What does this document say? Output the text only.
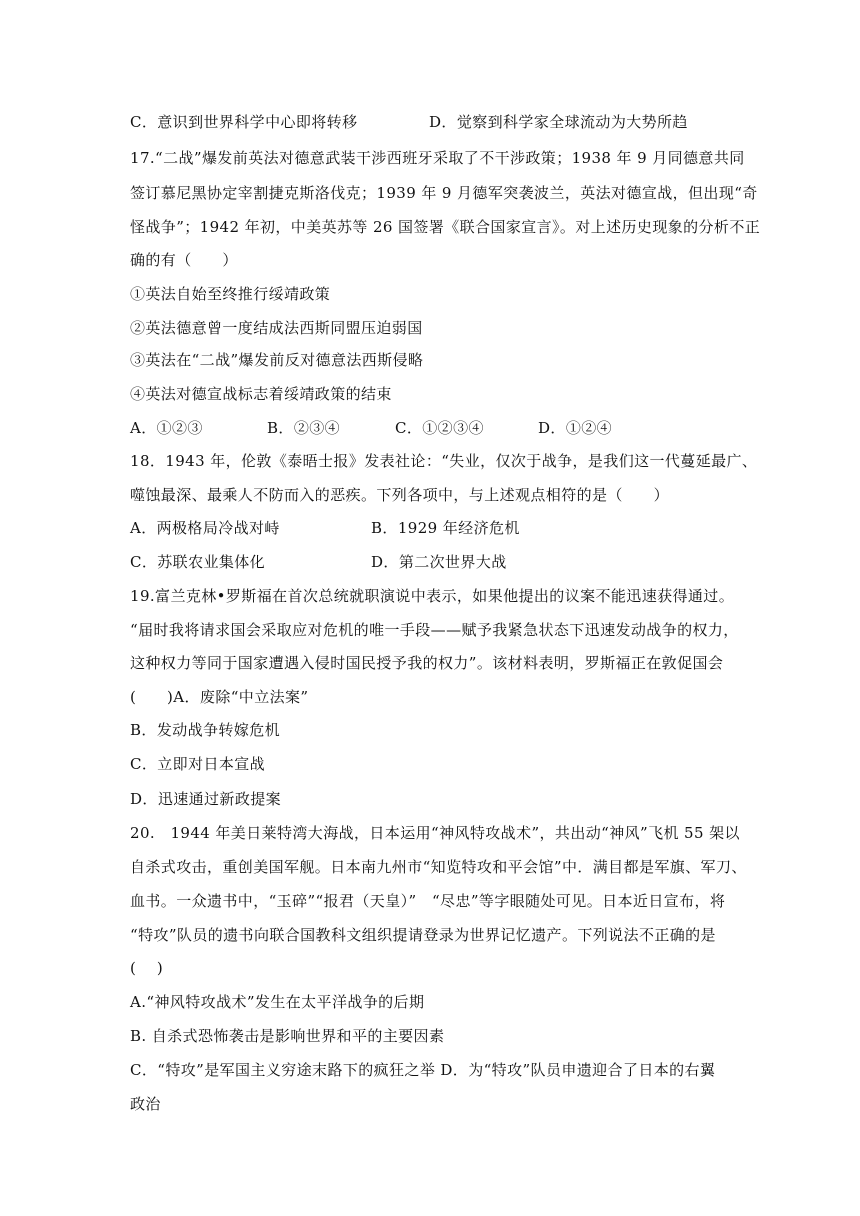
C．意识到世界科学中心即将转移	D．觉察到科学家全球流动为大势所趋
17.“二战”爆发前英法对德意武装干涉西班牙采取了不干涉政策；1938 年 9 月同德意共同
签订慕尼黑协定宰割捷克斯洛伐克；1939 年 9 月德军突袭波兰，英法对德宣战，但出现“奇
怪战争”；1942 年初，中美英苏等 26 国签署《联合国家宣言》。对上述历史现象的分析不正
确的有（　　）
①英法自始至终推行绥靖政策
②英法德意曾一度结成法西斯同盟压迫弱国
③英法在“二战”爆发前反对德意法西斯侵略
④英法对德宣战标志着绥靖政策的结束
A．①②③	B．②③④	C．①②③④	D．①②④
18．1943 年，伦敦《泰晤士报》发表社论：“失业，仅次于战争，是我们这一代蔓延最广、
噬蚀最深、最乘人不防而入的恶疾。下列各项中，与上述观点相符的是（　　）
A．两极格局冷战对峙	B．1929 年经济危机
C．苏联农业集体化	D．第二次世界大战
19.富兰克林•罗斯福在首次总统就职演说中表示，如果他提出的议案不能迅速获得通过。
“届时我将请求国会采取应对危机的唯一手段——赋予我紧急状态下迅速发动战争的权力，
这种权力等同于国家遭遇入侵时国民授予我的权力”。该材料表明，罗斯福正在敦促国会
(　　)A．废除“中立法案”
B．发动战争转嫁危机
C．立即对日本宣战
D．迅速通过新政提案
20.　1944 年美日莱特湾大海战，日本运用“神风特攻战术”，共出动“神风”飞机 55 架以
自杀式攻击，重创美国军舰。日本南九州市“知览特攻和平会馆”中．满目都是军旗、军刀、
血书。一众遗书中，“玉碎”“报君（天皇）”　“尽忠”等字眼随处可见。日本近日宣布，将
“特攻”队员的遗书向联合国教科文组织提请登录为世界记忆遗产。下列说法不正确的是
(　 )
A.“神风特攻战术”发生在太平洋战争的后期
B. 自杀式恐怖袭击是影响世界和平的主要因素
C．“特攻”是军国主义穷途末路下的疯狂之举 D．为“特攻”队员申遗迎合了日本的右翼
政治
